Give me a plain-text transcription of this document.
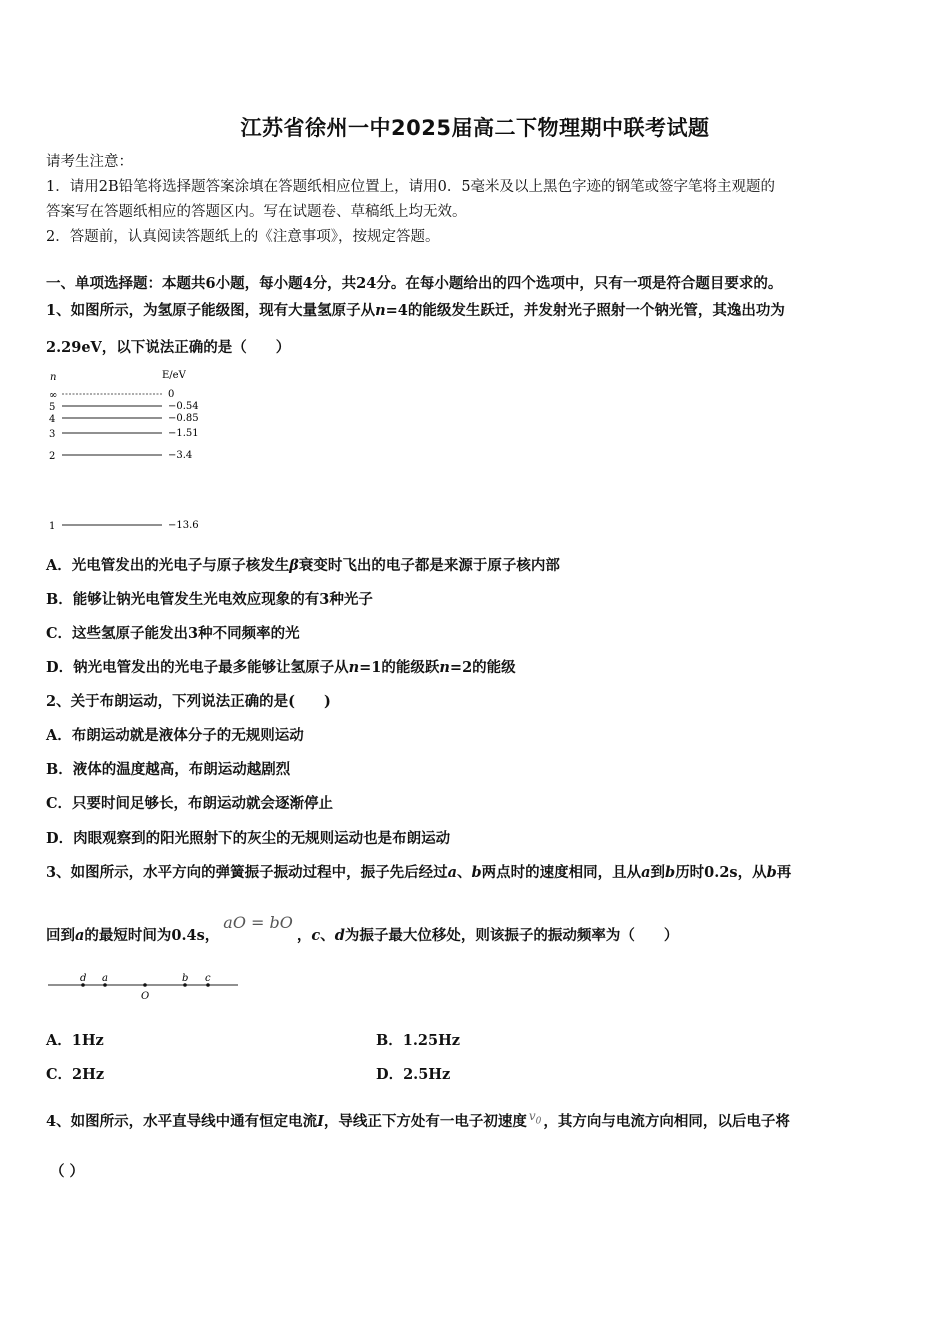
江苏省徐州一中2025届高二下物理期中联考试题
请考生注意：
1．请用2B铅笔将选择题答案涂填在答题纸相应位置上，请用0．5毫米及以上黑色字迹的钢笔或签字笔将主观题的
答案写在答题纸相应的答题区内。写在试题卷、草稿纸上均无效。
2．答题前，认真阅读答题纸上的《注意事项》，按规定答题。
一、单项选择题：本题共6小题，每小题4分，共24分。在每小题给出的四个选项中，只有一项是符合题目要求的。
1、如图所示，为氢原子能级图，现有大量氢原子从n=4的能级发生跃迁，并发射光子照射一个钠光管，其逸出功为
2.29eV，以下说法正确的是（　　）
n	E/eV
∞	0
5	−0.54
4	−0.85
3	−1.51
2	−3.4
1	−13.6
A．光电管发出的光电子与原子核发生β衰变时飞出的电子都是来源于原子核内部
B．能够让钠光电管发生光电效应现象的有3种光子
C．这些氢原子能发出3种不同频率的光
D．钠光电管发出的光电子最多能够让氢原子从n=1的能级跃n=2的能级
2、关于布朗运动，下列说法正确的是(　　)
A．布朗运动就是液体分子的无规则运动
B．液体的温度越高，布朗运动越剧烈
C．只要时间足够长，布朗运动就会逐渐停止
D．肉眼观察到的阳光照射下的灰尘的无规则运动也是布朗运动
3、如图所示，水平方向的弹簧振子振动过程中，振子先后经过a、b两点时的速度相同，且从a到b历时0.2s，从b再
回到a的最短时间为0.4s，aO = bO，c、d为振子最大位移处，则该振子的振动频率为（　　）
d a
O
b c
A．1Hz	B．1.25Hz
C．2Hz	D．2.5Hz
4、如图所示，水平直导线中通有恒定电流I，导线正下方处有一电子初速度 $^{v_0}$ ，其方向与电流方向相同，以后电子将
（ ）
